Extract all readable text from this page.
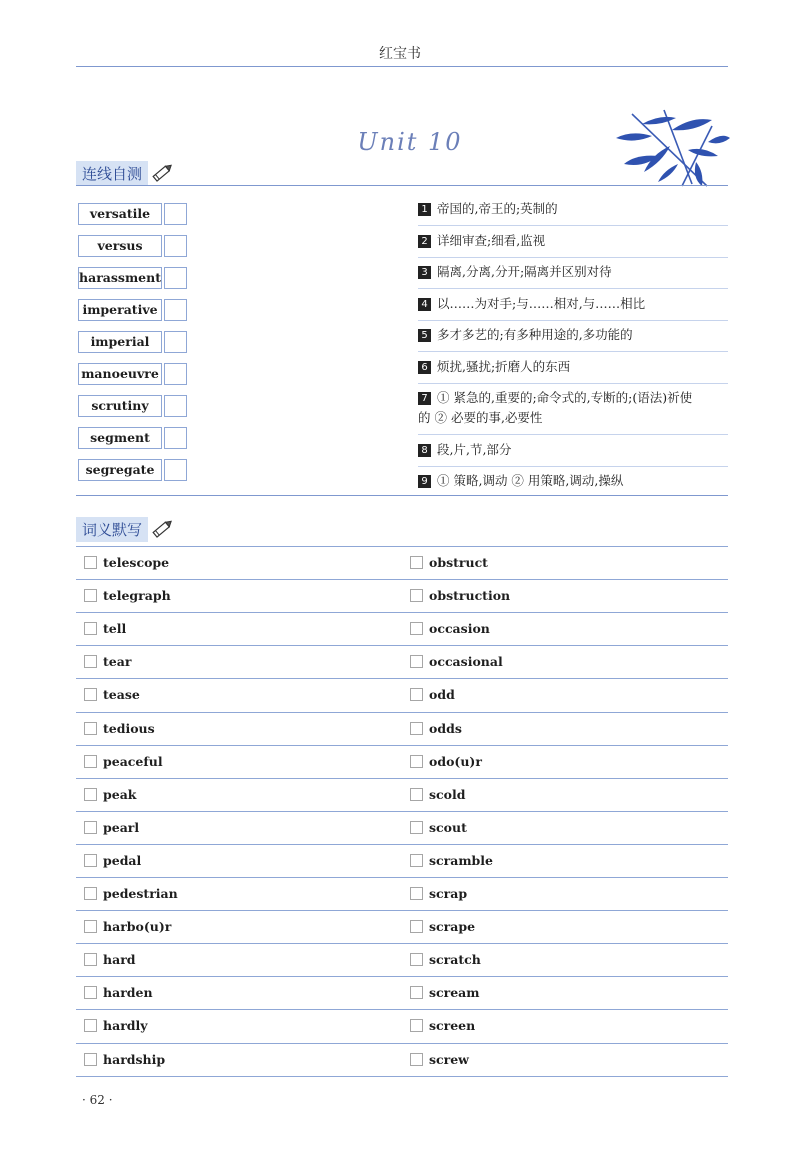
红宝书
Unit 10
连线自测
versatile
versus
harassment
imperative
imperial
manoeuvre
scrutiny
segment
segregate
1 帝国的,帝王的;英制的
2 详细审查;细看,监视
3 隔离,分离,分开;隔离并区别对待
4 以……为对手;与……相对,与……相比
5 多才多艺的;有多种用途的,多功能的
6 烦扰,骚扰;折磨人的东西
7 ① 紧急的,重要的;命令式的,专断的;(语法)祈使
的 ② 必要的事,必要性
8 段,片,节,部分
9 ① 策略,调动 ② 用策略,调动,操纵
词义默写
telescope
telegraph
tell
tear
tease
tedious
peaceful
peak
pearl
pedal
pedestrian
harbo(u)r
hard
harden
hardly
hardship
obstruct
obstruction
occasion
occasional
odd
odds
odo(u)r
scold
scout
scramble
scrap
scrape
scratch
scream
screen
screw
· 62 ·
